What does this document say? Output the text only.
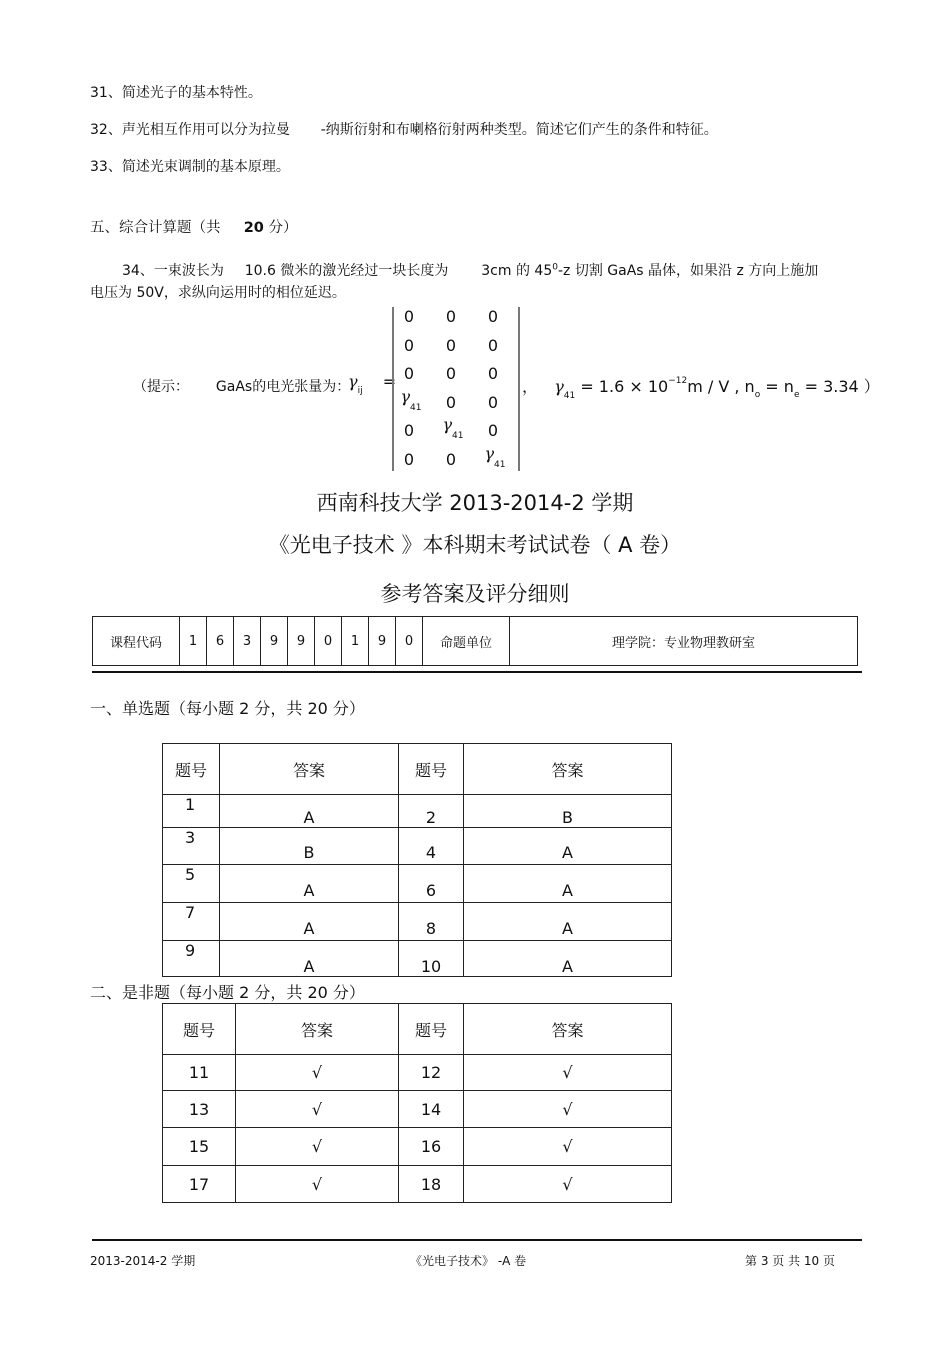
31、简述光子的基本特性。
32、声光相互作用可以分为拉曼 -纳斯衍射和布喇格衍射两种类型。简述它们产生的条件和特征。
33、简述光束调制的基本原理。
五、综合计算题（共 20 分）
34、一束波长为 10.6 微米的激光经过一块长度为 3cm 的 $45^0-z$ 切割 GaAs 晶体，如果沿 z 方向上施加
电压为 50V，求纵向运用时的相位延迟。
（提示： GaAs的电光张量为：
$\gamma_{ij}$ =
0	0	0
0	0	0
0	0	0
$\gamma_{41}$	0	0
0	$\gamma_{41}$	0
0	0	$\gamma_{41}$
， $\gamma_{41} = 1.6 \times 10^{-12}m / V$ , $n_o = n_e = 3.34$ ）
西南科技大学 2013-2014-2 学期
《光电子技术 》本科期末考试试卷（ A 卷）
参考答案及评分细则
课程代码	1	6	3	9	9	0	1	9	0	命题单位	理学院：专业物理教研室
一、单选题（每小题 2 分，共 20 分）
题号	答案	题号	答案
1	A	2	B
3	B	4	A
5	A	6	A
7	A	8	A
9	A	10	A
二、是非题（每小题 2 分，共 20 分）
题号	答案	题号	答案
11	√	12	√
13	√	14	√
15	√	16	√
17	√	18	√
2013-2014-2 学期	《光电子技术》 -A 卷	第 3 页 共 10 页
